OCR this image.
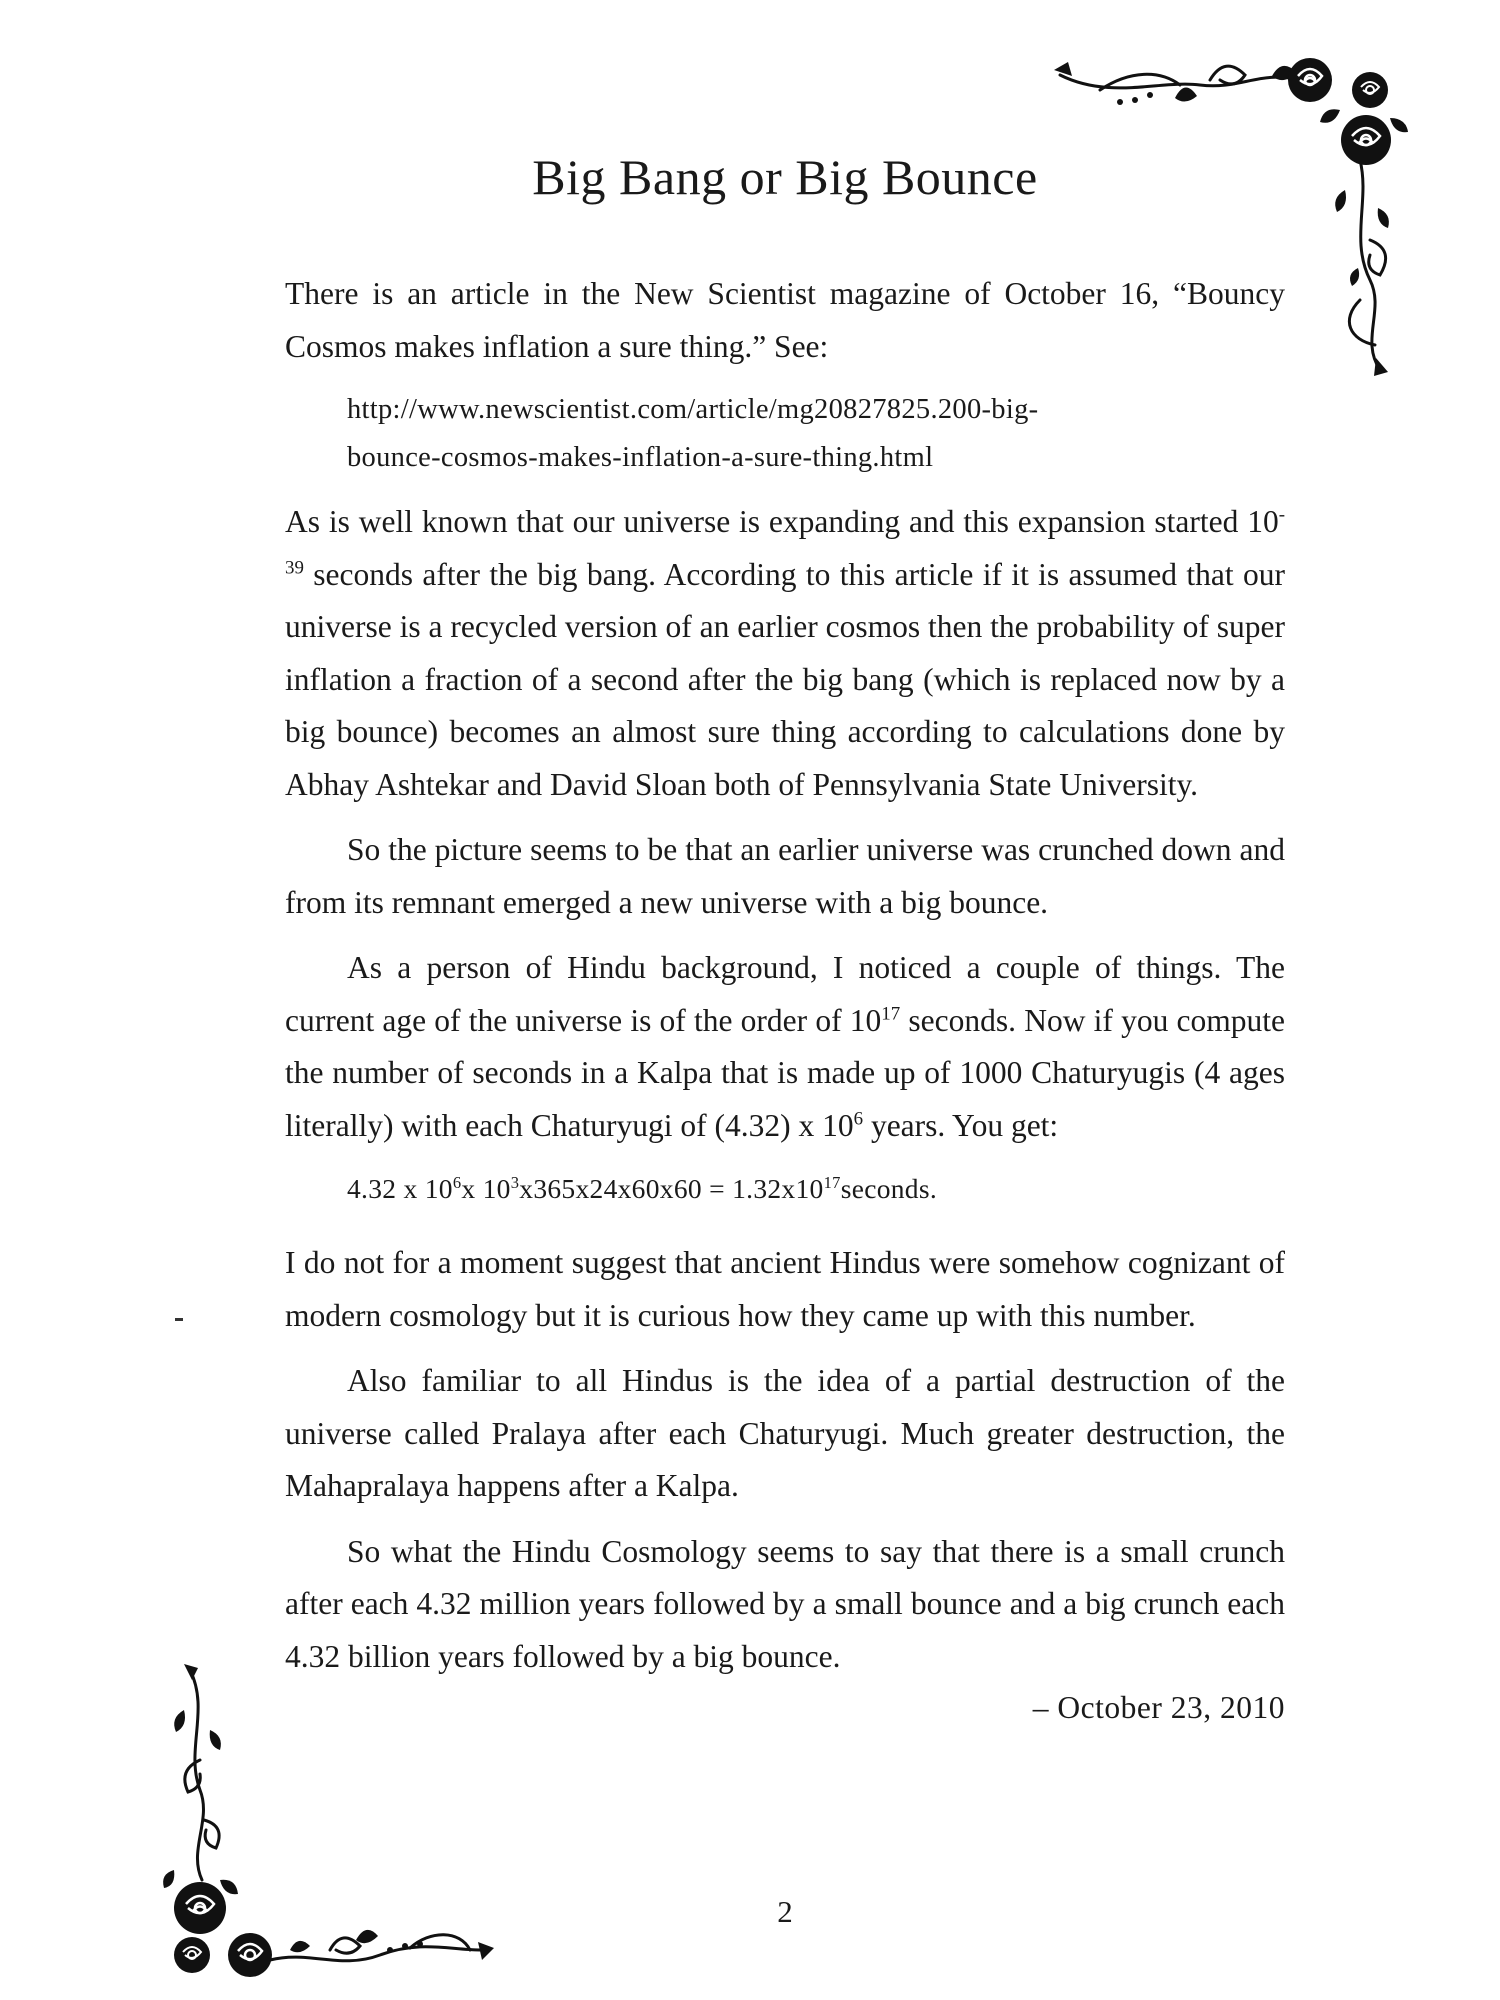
Big Bang or Big Bounce

There is an article in the New Scientist magazine of October 16, “Bouncy Cosmos makes inflation a sure thing.” See:

http://www.newscientist.com/article/mg20827825.200-big-
bounce-cosmos-makes-inflation-a-sure-thing.html

As is well known that our universe is expanding and this expansion started $10^{-39}$ seconds after the big bang. According to this article if it is assumed that our universe is a recycled version of an earlier cosmos then the probability of super inflation a fraction of a second after the big bang (which is replaced now by a big bounce) becomes an almost sure thing according to calculations done by Abhay Ashtekar and David Sloan both of Pennsylvania State University.

So the picture seems to be that an earlier universe was crunched down and from its remnant emerged a new universe with a big bounce.

As a person of Hindu background, I noticed a couple of things. The current age of the universe is of the order of $10^{17}$ seconds. Now if you compute the number of seconds in a Kalpa that is made up of 1000 Chaturyugis (4 ages literally) with each Chaturyugi of (4.32) x $10^6$ years. You get:

4.32 x $10^6x$ $10^3x365x24x60x60$ = $1.32x10^{17}seconds$.

I do not for a moment suggest that ancient Hindus were somehow cognizant of modern cosmology but it is curious how they came up with this number.

Also familiar to all Hindus is the idea of a partial destruction of the universe called Pralaya after each Chaturyugi. Much greater destruction, the Mahapralaya happens after a Kalpa.

So what the Hindu Cosmology seems to say that there is a small crunch after each 4.32 million years followed by a small bounce and a big crunch each 4.32 billion years followed by a big bounce.

– October 23, 2010

2
